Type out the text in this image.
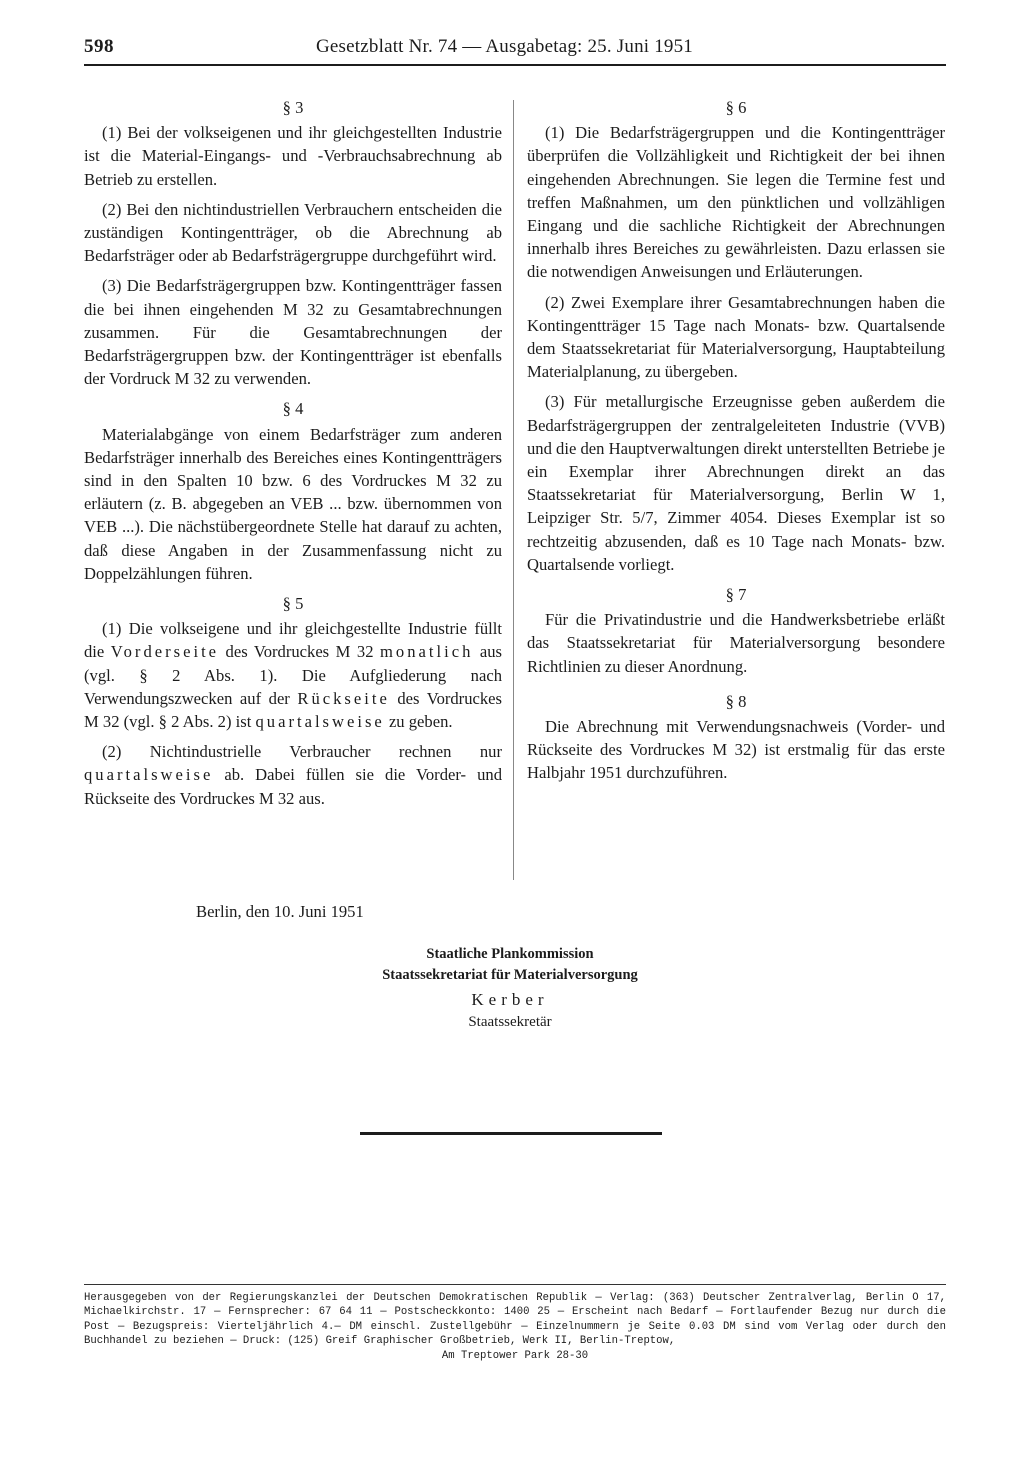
598	Gesetzblatt Nr. 74 — Ausgabetag: 25. Juni 1951
§ 3

(1) Bei der volkseigenen und ihr gleichgestellten Industrie ist die Material-Eingangs- und -Verbrauchsabrechnung ab Betrieb zu erstellen.

(2) Bei den nichtindustriellen Verbrauchern entscheiden die zuständigen Kontingentträger, ob die Abrechnung ab Bedarfsträger oder ab Bedarfsträgergruppe durchgeführt wird.

(3) Die Bedarfsträgergruppen bzw. Kontingentträger fassen die bei ihnen eingehenden M 32 zu Gesamtabrechnungen zusammen. Für die Gesamtabrechnungen der Bedarfsträgergruppen bzw. der Kontingentträger ist ebenfalls der Vordruck M 32 zu verwenden.

§ 4

Materialabgänge von einem Bedarfsträger zum anderen Bedarfsträger innerhalb des Bereiches eines Kontingentträgers sind in den Spalten 10 bzw. 6 des Vordruckes M 32 zu erläutern (z. B. abgegeben an VEB ... bzw. übernommen von VEB ...). Die nächstübergeordnete Stelle hat darauf zu achten, daß diese Angaben in der Zusammenfassung nicht zu Doppelzählungen führen.

§ 5

(1) Die volkseigene und ihr gleichgestellte Industrie füllt die Vorderseite des Vordruckes M 32 monatlich aus (vgl. § 2 Abs. 1). Die Aufgliederung nach Verwendungszwecken auf der Rückseite des Vordruckes M 32 (vgl. § 2 Abs. 2) ist quartalsweise zu geben.

(2) Nichtindustrielle Verbraucher rechnen nur quartalsweise ab. Dabei füllen sie die Vorder- und Rückseite des Vordruckes M 32 aus.

§ 6

(1) Die Bedarfsträgergruppen und die Kontingentträger überprüfen die Vollzähligkeit und Richtigkeit der bei ihnen eingehenden Abrechnungen. Sie legen die Termine fest und treffen Maßnahmen, um den pünktlichen und vollzähligen Eingang und die sachliche Richtigkeit der Abrechnungen innerhalb ihres Bereiches zu gewährleisten. Dazu erlassen sie die notwendigen Anweisungen und Erläuterungen.

(2) Zwei Exemplare ihrer Gesamtabrechnungen haben die Kontingentträger 15 Tage nach Monats- bzw. Quartalsende dem Staatssekretariat für Materialversorgung, Hauptabteilung Materialplanung, zu übergeben.

(3) Für metallurgische Erzeugnisse geben außerdem die Bedarfsträgergruppen der zentralgeleiteten Industrie (VVB) und die den Hauptverwaltungen direkt unterstellten Betriebe je ein Exemplar ihrer Abrechnungen direkt an das Staatssekretariat für Materialversorgung, Berlin W 1, Leipziger Str. 5/7, Zimmer 4054. Dieses Exemplar ist so rechtzeitig abzusenden, daß es 10 Tage nach Monats- bzw. Quartalsende vorliegt.

§ 7

Für die Privatindustrie und die Handwerksbetriebe erläßt das Staatssekretariat für Materialversorgung besondere Richtlinien zu dieser Anordnung.

§ 8

Die Abrechnung mit Verwendungsnachweis (Vorder- und Rückseite des Vordruckes M 32) ist erstmalig für das erste Halbjahr 1951 durchzuführen.

Berlin, den 10. Juni 1951
Staatliche Plankommission
Staatssekretariat für Materialversorgung
Kerber
Staatssekretär

Herausgegeben von der Regierungskanzlei der Deutschen Demokratischen Republik — Verlag: (363) Deutscher Zentralverlag, Berlin O 17, Michaelkirchstr. 17 — Fernsprecher: 67 64 11 — Postscheckkonto: 1400 25 — Erscheint nach Bedarf — Fortlaufender Bezug nur durch die Post — Bezugspreis: Vierteljährlich 4.— DM einschl. Zustellgebühr — Einzelnummern je Seite 0.03 DM sind vom Verlag oder durch den Buchhandel zu beziehen — Druck: (125) Greif Graphischer Großbetrieb, Werk II, Berlin-Treptow,

Am Treptower Park 28-30
